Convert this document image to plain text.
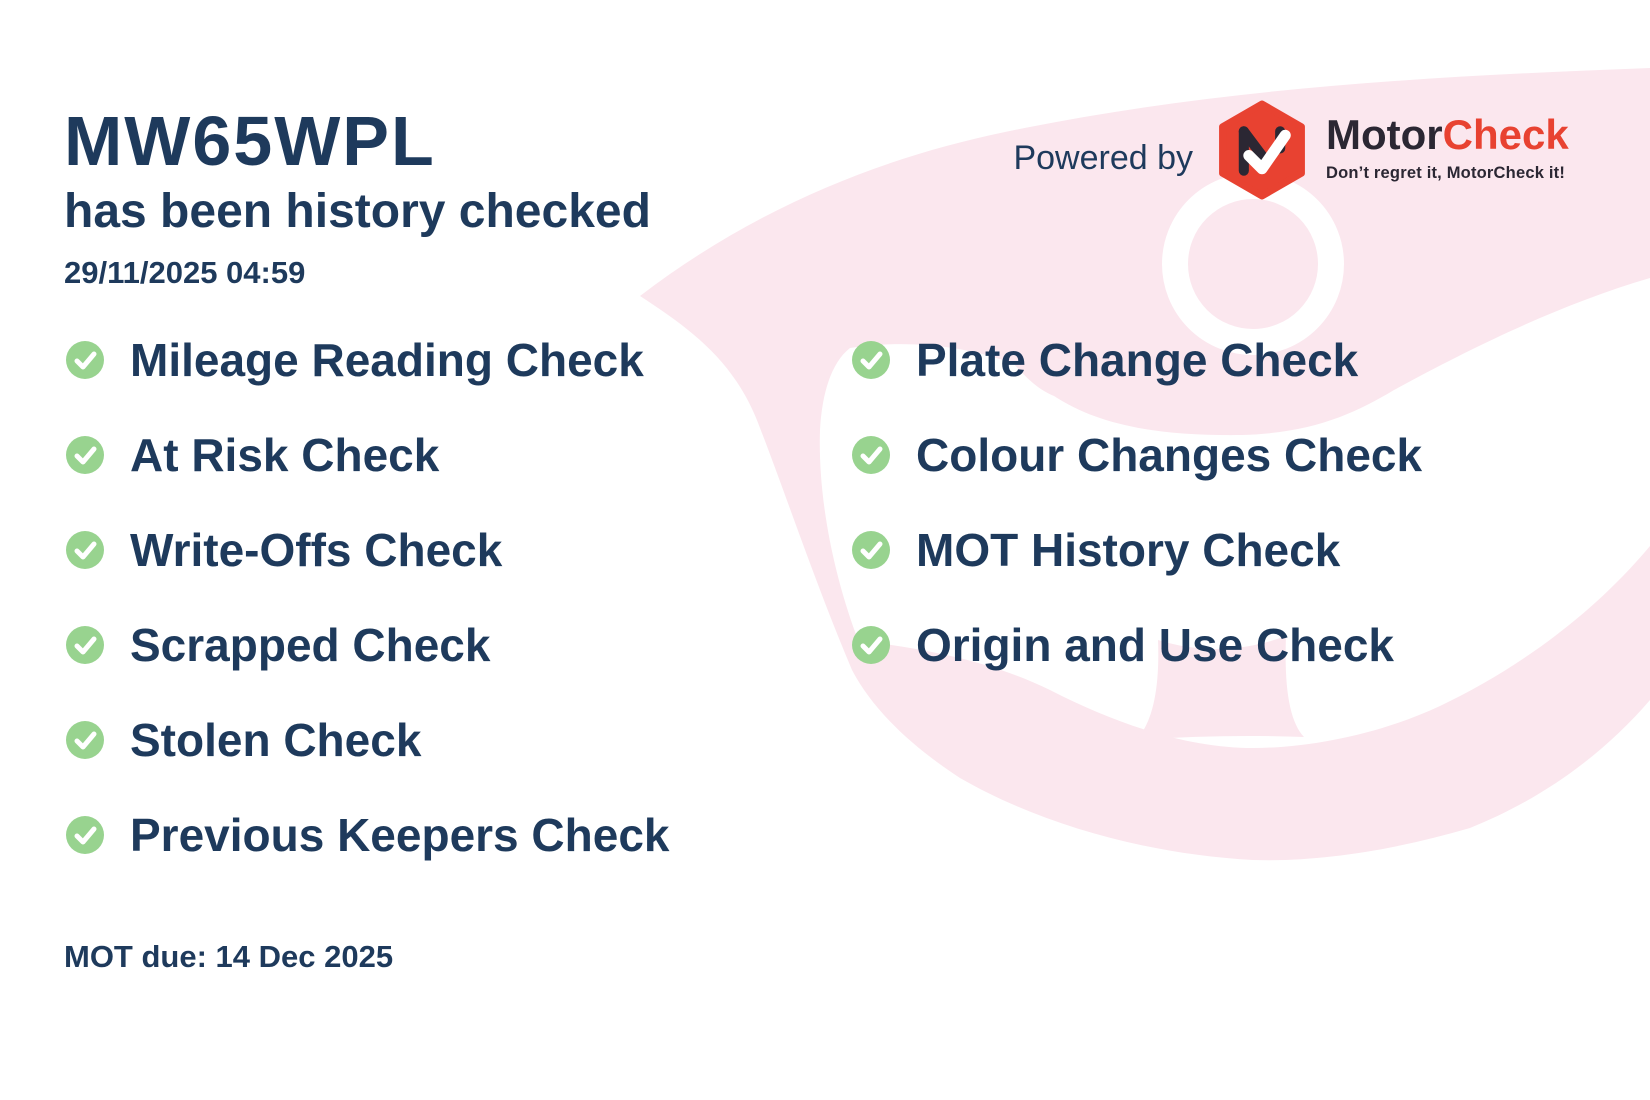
MW65WPL
has been history checked
29/11/2025 04:59
Powered by	MotorCheck
Don’t regret it, MotorCheck it!
Mileage Reading Check
At Risk Check
Write-Offs Check
Scrapped Check
Stolen Check
Previous Keepers Check
Plate Change Check
Colour Changes Check
MOT History Check
Origin and Use Check
MOT due: 14 Dec 2025
